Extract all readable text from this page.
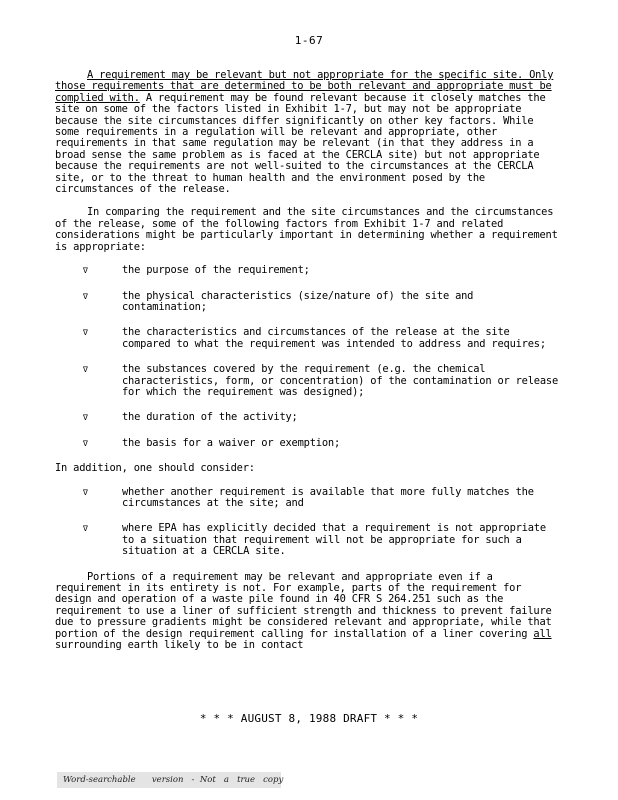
1-67

A requirement may be relevant but not appropriate for the specific site. Only those requirements that are determined to be both relevant and appropriate must be complied with. A requirement may be found relevant because it closely matches the site on some of the factors listed in Exhibit 1-7, but may not be appropriate because the site circumstances differ significantly on other key factors. While some requirements in a regulation will be relevant and appropriate, other requirements in that same regulation may be relevant (in that they address in a broad sense the same problem as is faced at the CERCLA site) but not appropriate because the requirements are not well-suited to the circumstances at the CERCLA site, or to the threat to human health and the environment posed by the circumstances of the release.

In comparing the requirement and the site circumstances and the circumstances of the release, some of the following factors from Exhibit 1-7 and related considerations might be particularly important in determining whether a requirement is appropriate:

∇	the purpose of the requirement;
∇	the physical characteristics (size/nature of) the site and contamination;
∇	the characteristics and circumstances of the release at the site compared to what the requirement was intended to address and requires;
∇	the substances covered by the requirement (e.g. the chemical characteristics, form, or concentration) of the contamination or release for which the requirement was designed);
∇	the duration of the activity;
∇	the basis for a waiver or exemption;

In addition, one should consider:

∇	whether another requirement is available that more fully matches the circumstances at the site; and
∇	where EPA has explicitly decided that a requirement is not appropriate to a situation that requirement will not be appropriate for such a situation at a CERCLA site.

Portions of a requirement may be relevant and appropriate even if a requirement in its entirety is not. For example, parts of the requirement for design and operation of a waste pile found in 40 CFR S 264.251 such as the requirement to use a liner of sufficient strength and thickness to prevent failure due to pressure gradients might be considered relevant and appropriate, while that portion of the design requirement calling for installation of a liner covering all surrounding earth likely to be in contact

* * * AUGUST 8, 1988 DRAFT * * *
Word-searchable      version   -  Not   a   true   copy
